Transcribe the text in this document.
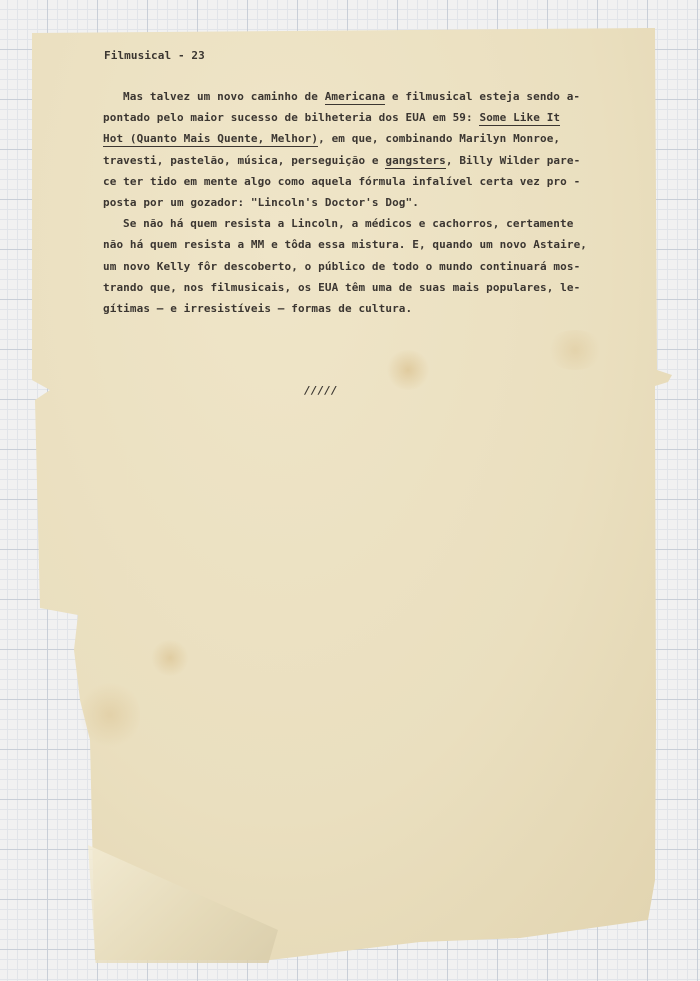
Filmusical - 23
Mas talvez um novo caminho de Americana e filmusical esteja sendo a-
pontado pelo maior sucesso de bilheteria dos EUA em 59: Some Like It
Hot (Quanto Mais Quente, Melhor), em que, combinando Marilyn Monroe,
travesti, pastelão, música, perseguição e gangsters, Billy Wilder pare-
ce ter tido em mente algo como aquela fórmula infalível certa vez pro -
posta por um gozador: "Lincoln's Doctor's Dog".
Se não há quem resista a Lincoln, a médicos e cachorros, certamente
não há quem resista a MM e tôda essa mistura. E, quando um novo Astaire,
um novo Kelly fôr descoberto, o público de todo o mundo continuará mos-
trando que, nos filmusicais, os EUA têm uma de suas mais populares, le-
gítimas — e irresistíveis — formas de cultura.
/////
